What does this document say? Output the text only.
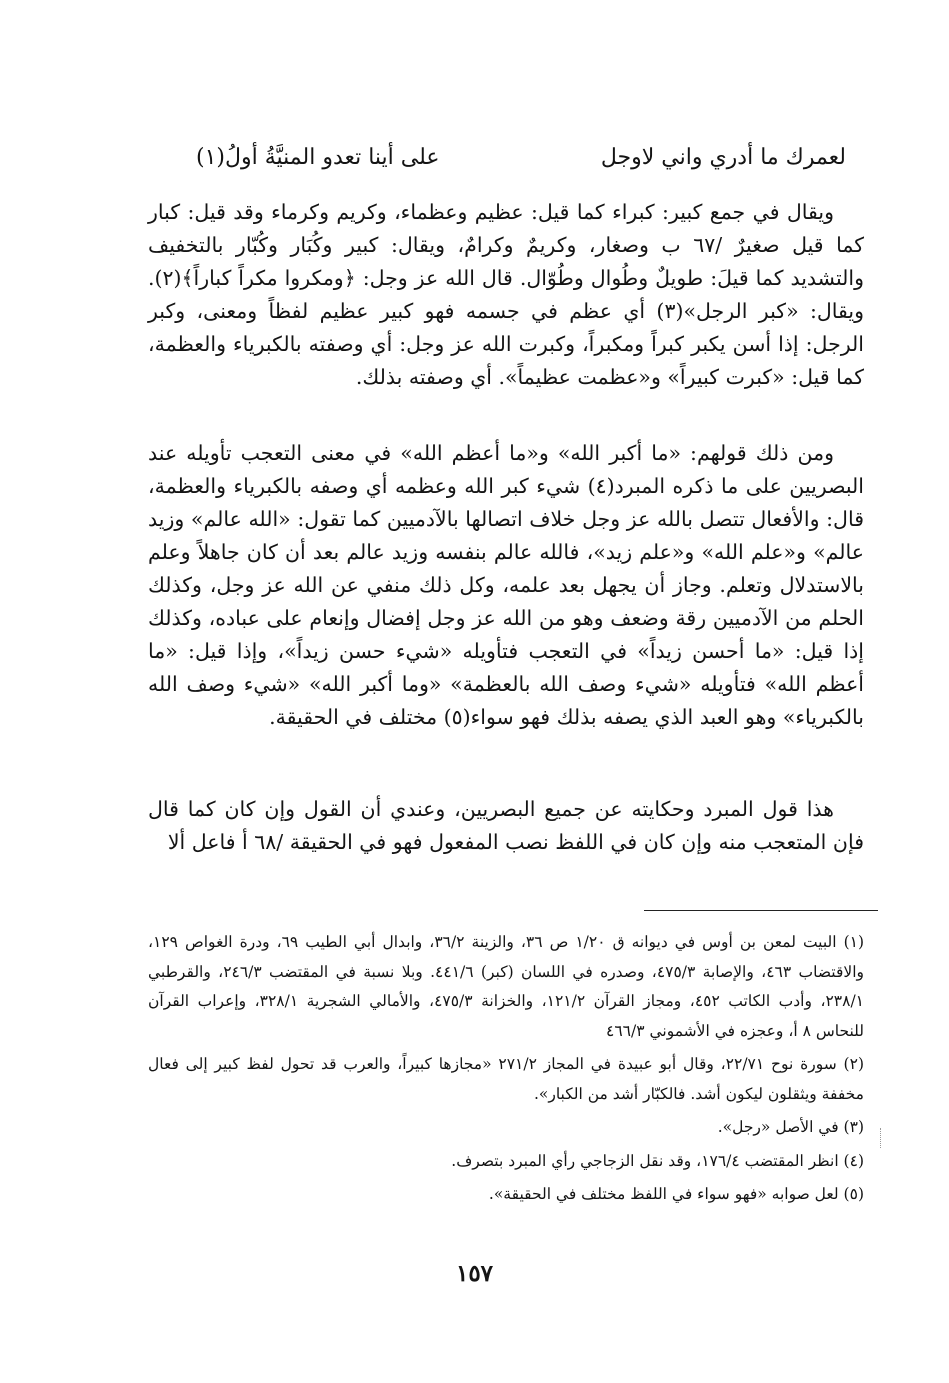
لعمرك ما أدري واني لاوجل
على أينا تعدو المنيَّةُ أولُ(١)

ويقال في جمع كبير: كبراء كما قيل: عظيم وعظماء، وكريم وكرماء وقد قيل: كبار كما قيل صغيرٌ /٦٧ ب وصغار، وكريمٌ وكرامٌ، ويقال: كبير وكُبَار وكُبّار بالتخفيف والتشديد كما قيلَ: طويلٌ وطُوال وطُوّال. قال الله عز وجل: ﴿ومكروا مكراً كباراً﴾(٢). ويقال: «كبر الرجل»(٣) أي عظم في جسمه فهو كبير عظيم لفظاً ومعنى، وكبر الرجل: إذا أسن يكبر كبراً ومكبراً، وكبرت الله عز وجل: أي وصفته بالكبرياء والعظمة، كما قيل: «كبرت كبيراً» و«عظمت عظيماً». أي وصفته بذلك.

ومن ذلك قولهم: «ما أكبر الله» و«ما أعظم الله» في معنى التعجب تأويله عند البصريين على ما ذكره المبرد(٤) شيء كبر الله وعظمه أي وصفه بالكبرياء والعظمة، قال: والأفعال تتصل بالله عز وجل خلاف اتصالها بالآدميين كما تقول: «الله عالم» وزيد عالم» و«علم الله» و«علم زيد»، فالله عالم بنفسه وزيد عالم بعد أن كان جاهلاً وعلم بالاستدلال وتعلم. وجاز أن يجهل بعد علمه، وكل ذلك منفي عن الله عز وجل، وكذلك الحلم من الآدميين رقة وضعف وهو من الله عز وجل إفضال وإنعام على عباده، وكذلك إذا قيل: «ما أحسن زيداً» في التعجب فتأويله «شيء حسن زيداً»، وإذا قيل: «ما أعظم الله» فتأويله «شيء وصف الله بالعظمة» «وما أكبر الله» «شيء وصف الله بالكبرياء» وهو العبد الذي يصفه بذلك فهو سواء(٥) مختلف في الحقيقة.

هذا قول المبرد وحكايته عن جميع البصريين، وعندي أن القول وإن كان كما قال فإن المتعجب منه وإن كان في اللفظ نصب المفعول فهو في الحقيقة /٦٨ أ فاعل ألا

(١) البيت لمعن بن أوس في ديوانه ق ١/٢٠ ص ٣٦، والزينة ٣٦/٢، وابدال أبي الطيب ٦٩، ودرة الغواص ١٢٩، والاقتضاب ٤٦٣، والإصابة ٤٧٥/٣، وصدره في اللسان (كبر) ٤٤١/٦. وبلا نسبة في المقتضب ٢٤٦/٣، والقرطبي ٢٣٨/١، وأدب الكاتب ٤٥٢، ومجاز القرآن ١٢١/٢، والخزانة ٤٧٥/٣، والأمالي الشجرية ٣٢٨/١، وإعراب القرآن للنحاس ٨ أ، وعجزه في الأشموني ٤٦٦/٣

(٢) سورة نوح ٢٢/٧١، وقال أبو عبيدة في المجاز ٢٧١/٢ «مجازها كبيراً، والعرب قد تحول لفظ كبير إلى فعال مخففة ويثقلون ليكون أشد. فالكبّار أشد من الكبار».

(٣) في الأصل «رجل».

(٤) انظر المقتضب ١٧٦/٤، وقد نقل الزجاجي رأي المبرد بتصرف.

(٥) لعل صوابه «فهو سواء في اللفظ مختلف في الحقيقة».

١٥٧
